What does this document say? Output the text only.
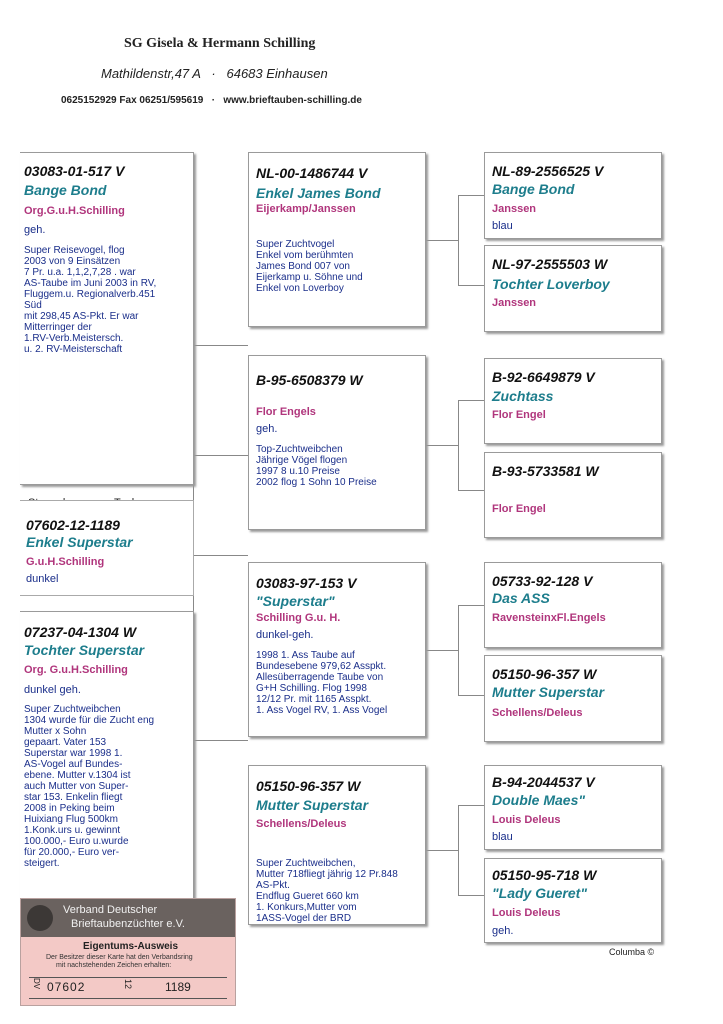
SG Gisela & Hermann Schilling
Mathildenstr,47 A   ·   64683 Einhausen
0625152929 Fax 06251/595619   ·   www.brieftauben-schilling.de
03083-01-517 V
Bange Bond
Org.G.u.H.Schilling
geh.
Super Reisevogel, flog
2003 von 9 Einsätzen
7 Pr. u.a. 1,1,2,7,28 . war
AS-Taube im Juni 2003 in RV,
Fluggem.u. Regionalverb.451
Süd
mit 298,45 AS-Pkt. Er war
Mitterringer der
1.RV-Verb.Meistersch.
u. 2. RV-Meisterschaft
07602-12-1189
Enkel Superstar
G.u.H.Schilling
dunkel
07237-04-1304 W
Tochter Superstar
Org. G.u.H.Schilling
dunkel geh.
Super Zuchtweibchen
1304 wurde für die Zucht eng
Mutter x Sohn
gepaart. Vater 153
Superstar war 1998 1.
AS-Vogel auf Bundes-
ebene. Mutter v.1304 ist
auch Mutter von Super-
star 153. Enkelin fliegt
2008 in Peking beim
Huixiang Flug 500km
1.Konk.urs u. gewinnt
100.000,- Euro u.wurde
für 20.000,- Euro ver-
steigert.
NL-00-1486744 V
Enkel James Bond
Eijerkamp/Janssen
Super Zuchtvogel
Enkel vom berühmten
James Bond 007 von
Eijerkamp u. Söhne und
Enkel von Loverboy
B-95-6508379 W
Flor Engels
geh.
Top-Zuchtweibchen
Jährige Vögel flogen
1997 8 u.10 Preise
2002 flog 1 Sohn 10 Preise
03083-97-153 V
"Superstar"
Schilling G.u. H.
dunkel-geh.
1998 1. Ass Taube auf
Bundesebene 979,62 Asspkt.
Allesüberragende Taube von
G+H Schilling. Flog 1998
12/12 Pr. mit 1165 Asspkt.
1. Ass Vogel RV, 1. Ass Vogel
05150-96-357 W
Mutter Superstar
Schellens/Deleus
Super Zuchtweibchen,
Mutter 718fliegt jährig 12 Pr.848
AS-Pkt.
Endflug Gueret 660 km
1. Konkurs,Mutter vom
1ASS-Vogel der BRD
NL-89-2556525 V
Bange Bond
Janssen
blau
NL-97-2555503 W
Tochter Loverboy
Janssen
B-92-6649879 V
Zuchtass
Flor Engel
B-93-5733581 W
Flor Engel
05733-92-128 V
Das ASS
RavensteinxFl.Engels
05150-96-357 W
Mutter Superstar
Schellens/Deleus
B-94-2044537 V
Double Maes"
Louis Deleus
blau
05150-95-718 W
"Lady Gueret"
Louis Deleus
geh.
Verband Deutscher
Brieftaubenzüchter e.V.
Eigentums-Ausweis
Der Besitzer dieser Karte hat den Verbandsring
mit nachstehenden Zeichen erhalten:
DV 07602	12	1189
Columba ©
